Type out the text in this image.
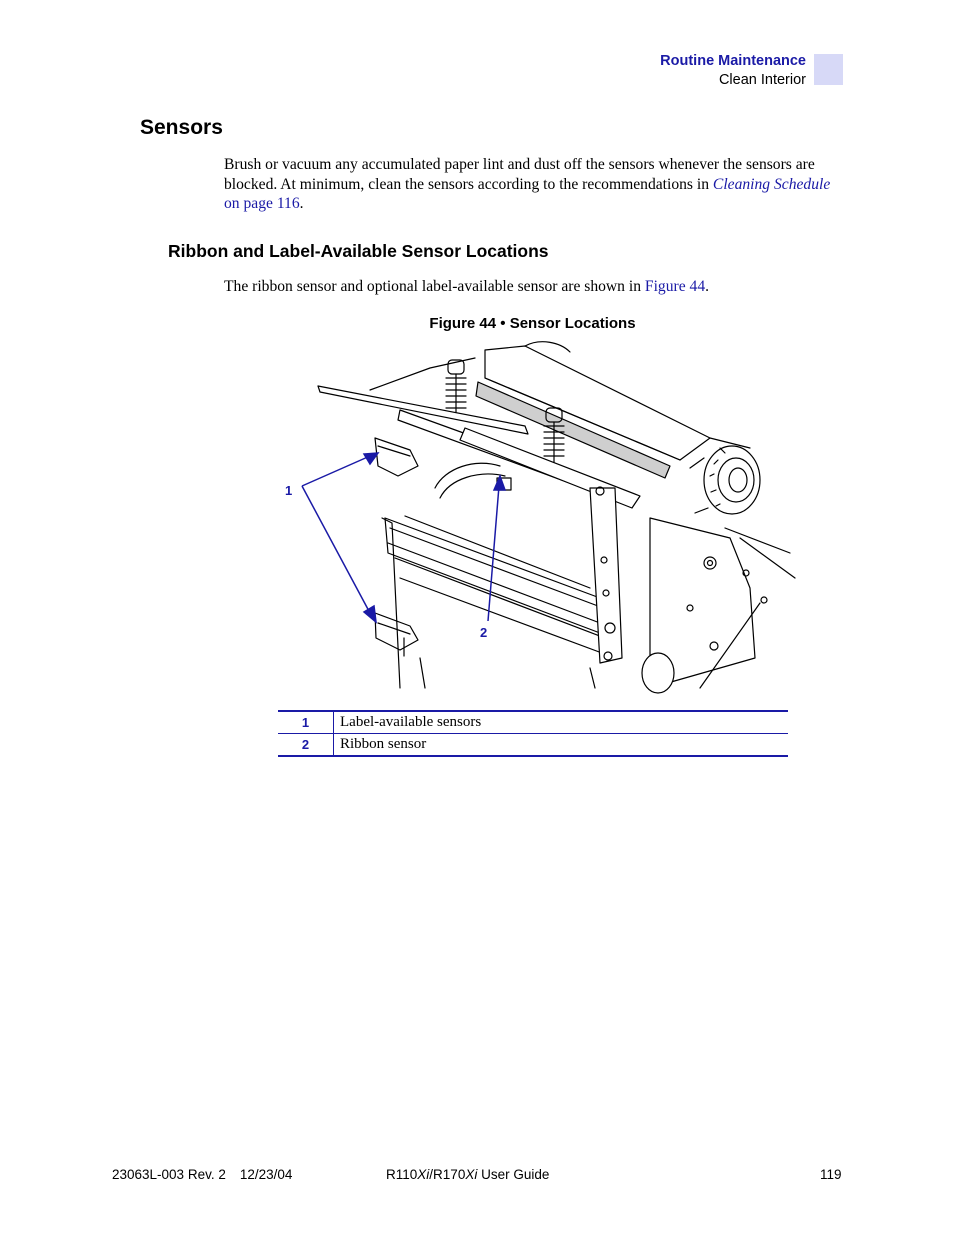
Routine Maintenance
Clean Interior
Sensors

Brush or vacuum any accumulated paper lint and dust off the sensors whenever the sensors are blocked. At minimum, clean the sensors according to the recommendations in Cleaning Schedule on page 116.

Ribbon and Label-Available Sensor Locations

The ribbon sensor and optional label-available sensor are shown in Figure 44.

Figure 44 • Sensor Locations
1
2
1	Label-available sensors
2	Ribbon sensor
23063L-003 Rev. 2 12/23/04	R110Xi/R170Xi User Guide	119
